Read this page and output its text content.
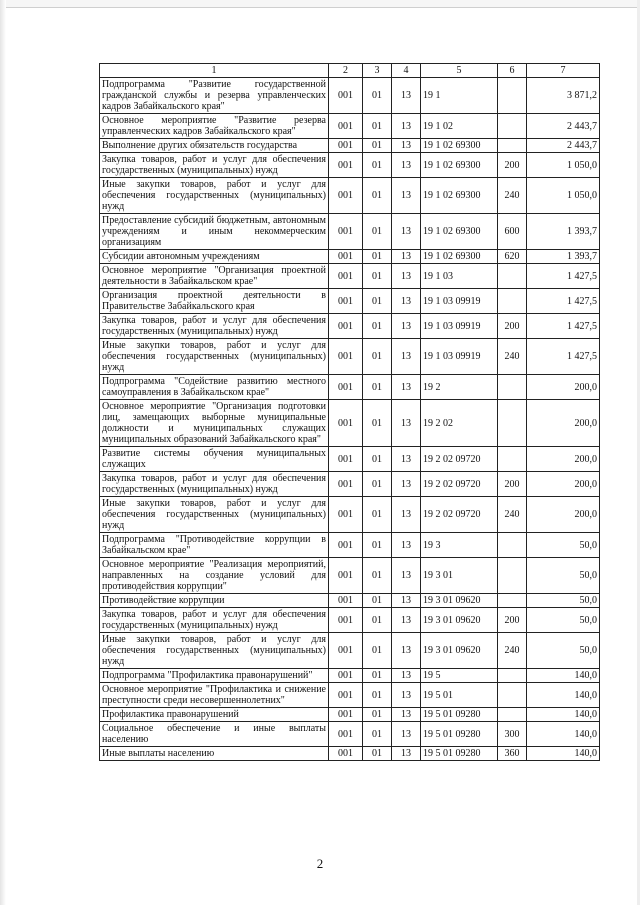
1	2	3	4	5	6	7
Подпрограмма "Развитие государственной гражданской службы и резерва управленческих кадров Забайкальского края"	001	01	13	19 1		3 871,2
Основное мероприятие "Развитие резерва управленческих кадров Забайкальского края"	001	01	13	19 1 02		2 443,7
Выполнение других обязательств государства	001	01	13	19 1 02 69300		2 443,7
Закупка товаров, работ и услуг для обеспечения государственных (муниципальных) нужд	001	01	13	19 1 02 69300	200	1 050,0
Иные закупки товаров, работ и услуг для обеспечения государственных (муниципальных) нужд	001	01	13	19 1 02 69300	240	1 050,0
Предоставление субсидий бюджетным, автономным учреждениям и иным некоммерческим организациям	001	01	13	19 1 02 69300	600	1 393,7
Субсидии автономным учреждениям	001	01	13	19 1 02 69300	620	1 393,7
Основное мероприятие "Организация проектной деятельности в Забайкальском крае"	001	01	13	19 1 03		1 427,5
Организация проектной деятельности в Правительстве Забайкальского края	001	01	13	19 1 03 09919		1 427,5
Закупка товаров, работ и услуг для обеспечения государственных (муниципальных) нужд	001	01	13	19 1 03 09919	200	1 427,5
Иные закупки товаров, работ и услуг для обеспечения государственных (муниципальных) нужд	001	01	13	19 1 03 09919	240	1 427,5
Подпрограмма "Содействие развитию местного самоуправления в Забайкальском крае"	001	01	13	19 2		200,0
Основное мероприятие "Организация подготовки лиц, замещающих выборные муниципальные должности и муниципальных служащих муниципальных образований Забайкальского края"	001	01	13	19 2 02		200,0
Развитие системы обучения муниципальных служащих	001	01	13	19 2 02 09720		200,0
Закупка товаров, работ и услуг для обеспечения государственных (муниципальных) нужд	001	01	13	19 2 02 09720	200	200,0
Иные закупки товаров, работ и услуг для обеспечения государственных (муниципальных) нужд	001	01	13	19 2 02 09720	240	200,0
Подпрограмма "Противодействие коррупции в Забайкальском крае"	001	01	13	19 3		50,0
Основное мероприятие "Реализация мероприятий, направленных на создание условий для противодействия коррупции"	001	01	13	19 3 01		50,0
Противодействие коррупции	001	01	13	19 3 01 09620		50,0
Закупка товаров, работ и услуг для обеспечения государственных (муниципальных) нужд	001	01	13	19 3 01 09620	200	50,0
Иные закупки товаров, работ и услуг для обеспечения государственных (муниципальных) нужд	001	01	13	19 3 01 09620	240	50,0
Подпрограмма "Профилактика правонарушений"	001	01	13	19 5		140,0
Основное мероприятие "Профилактика и снижение преступности среди несовершеннолетних"	001	01	13	19 5 01		140,0
Профилактика правонарушений	001	01	13	19 5 01 09280		140,0
Социальное обеспечение и иные выплаты населению	001	01	13	19 5 01 09280	300	140,0
Иные выплаты населению	001	01	13	19 5 01 09280	360	140,0
2
